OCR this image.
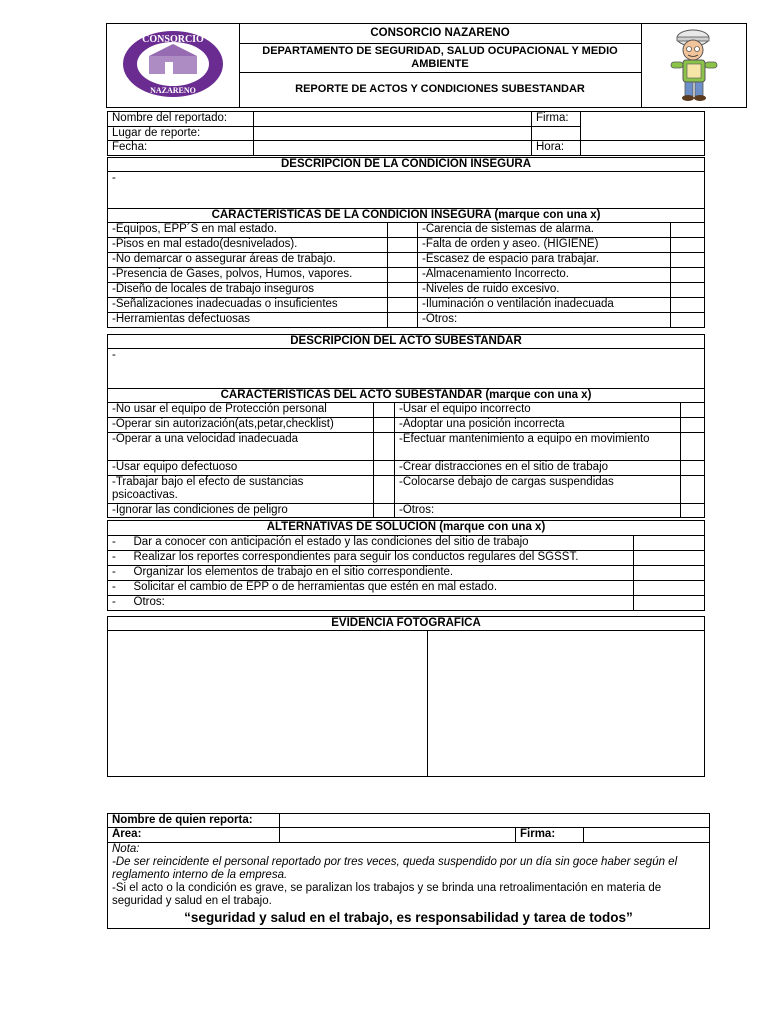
CONSORCIO
NAZARENO
CONSORCIO NAZARENO
DEPARTAMENTO DE SEGURIDAD, SALUD OCUPACIONAL Y MEDIO AMBIENTE
REPORTE DE ACTOS Y CONDICIONES SUBESTANDAR
Nombre del reportado:		Firma:	
Lugar de reporte:			
Fecha:		Hora:	
DESCRIPCIÓN DE LA CONDICIÓN INSEGURA			
-			
CARACTERÍSTICAS DE LA CONDICIÓN INSEGURA (marque con una x)			
-Equipos, EPP´S en mal estado.		-Carencia de sistemas de alarma.	
-Pisos en mal estado(desnivelados).		-Falta de orden y aseo. (HIGIENE)	
-No demarcar o assegurar áreas de trabajo.		-Escasez de espacio para trabajar.	
-Presencia de Gases, polvos, Humos, vapores.		-Almacenamiento Incorrecto.	
-Diseño de locales de trabajo inseguros		-Niveles de ruido excesivo.	
-Señalizaciones inadecuadas o insuficientes		-Iluminación o ventilación inadecuada	
-Herramientas defectuosas		-Otros:	
DESCRIPCIÓN DEL ACTO SUBESTANDAR			
-			
CARACTERÍSTICAS DEL ACTO SUBESTANDAR (marque con una x)			
-No usar el equipo de Protección personal		-Usar el equipo incorrecto	
-Operar sin autorización(ats,petar,checklist)		-Adoptar una posición incorrecta	
-Operar a una velocidad inadecuada		-Efectuar mantenimiento a equipo en movimiento	
-Usar equipo defectuoso		-Crear distracciones en el sitio de trabajo	
-Trabajar bajo el efecto de sustancias psicoactivas.		-Colocarse debajo de cargas suspendidas	
-Ignorar las condiciones de peligro		-Otros:	
ALTERNATIVAS DE SOLUCIÓN (marque con una x)		
-	Dar a conocer con anticipación el estado y las condiciones del sitio de trabajo	
-	Realizar los reportes correspondientes para seguir los conductos regulares del SGSST.	
-	Organizar los elementos de trabajo en el sitio correspondiente.	
-	Solicitar el cambio de EPP o de herramientas que estén en mal estado.	
-	Otros:	
EVIDENCIA FOTOGRAFICA

Nombre de quien reporta:			
Área:		Firma:	

Nota:
-De ser reincidente el personal reportado por tres veces, queda suspendido por un día sin goce haber según el reglamento interno de la empresa.
-Si el acto o la condición es grave, se paralizan los trabajos y se brinda una retroalimentación en materia de seguridad y salud en el trabajo.
“seguridad y salud en el trabajo, es responsabilidad y tarea de todos”			
